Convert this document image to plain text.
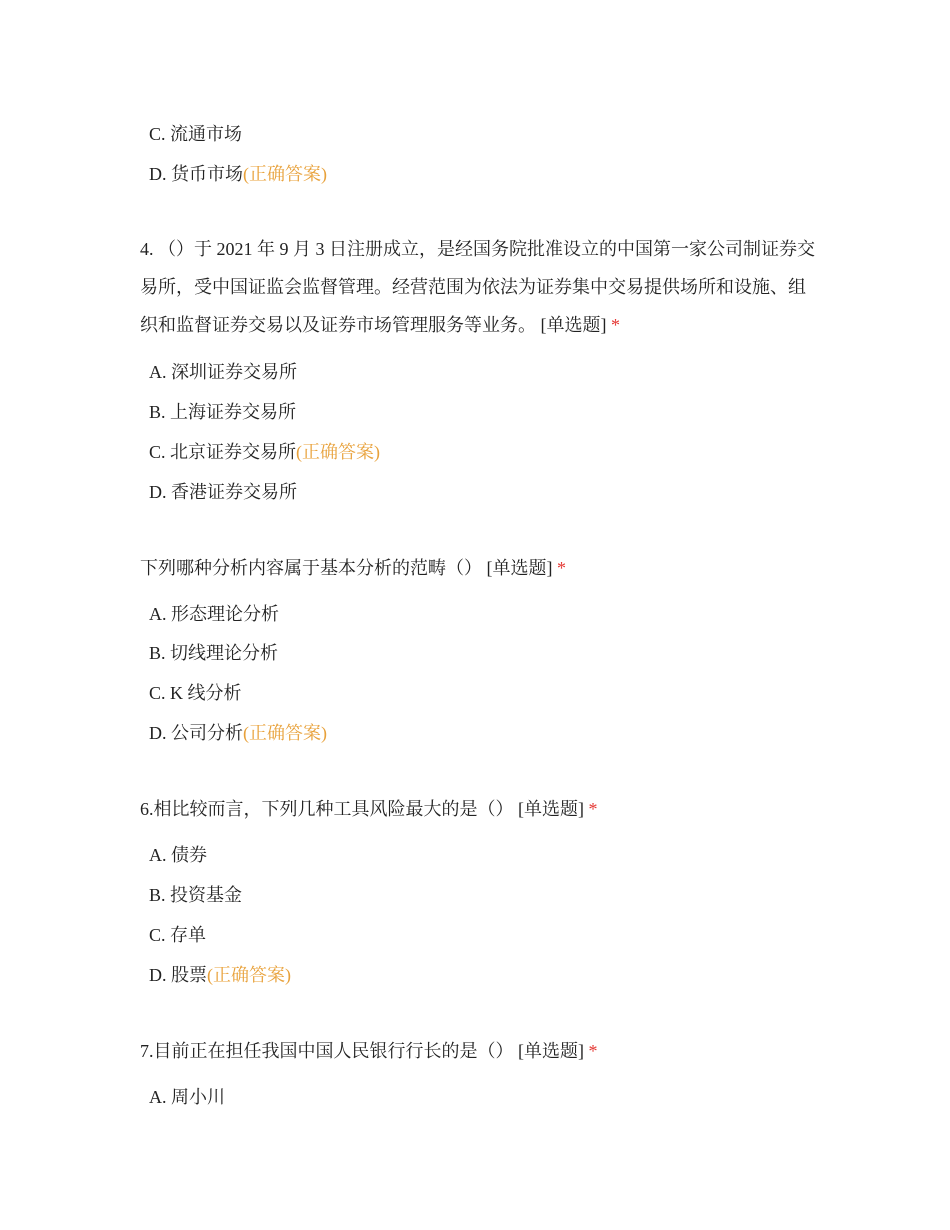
C. 流通市场
D. 货币市场(正确答案)
4. （）于 2021 年 9 月 3 日注册成立，是经国务院批准设立的中国第一家公司制证券交易所，受中国证监会监督管理。经营范围为依法为证券集中交易提供场所和设施、组织和监督证券交易以及证券市场管理服务等业务。 [单选题] *
A. 深圳证券交易所
B. 上海证券交易所
C. 北京证券交易所(正确答案)
D. 香港证券交易所
下列哪种分析内容属于基本分析的范畴（） [单选题] *
A. 形态理论分析
B. 切线理论分析
C. K 线分析
D. 公司分析(正确答案)
6.相比较而言，下列几种工具风险最大的是（） [单选题] *
A. 债券
B. 投资基金
C. 存单
D. 股票(正确答案)
7.目前正在担任我国中国人民银行行长的是（） [单选题] *
A. 周小川
